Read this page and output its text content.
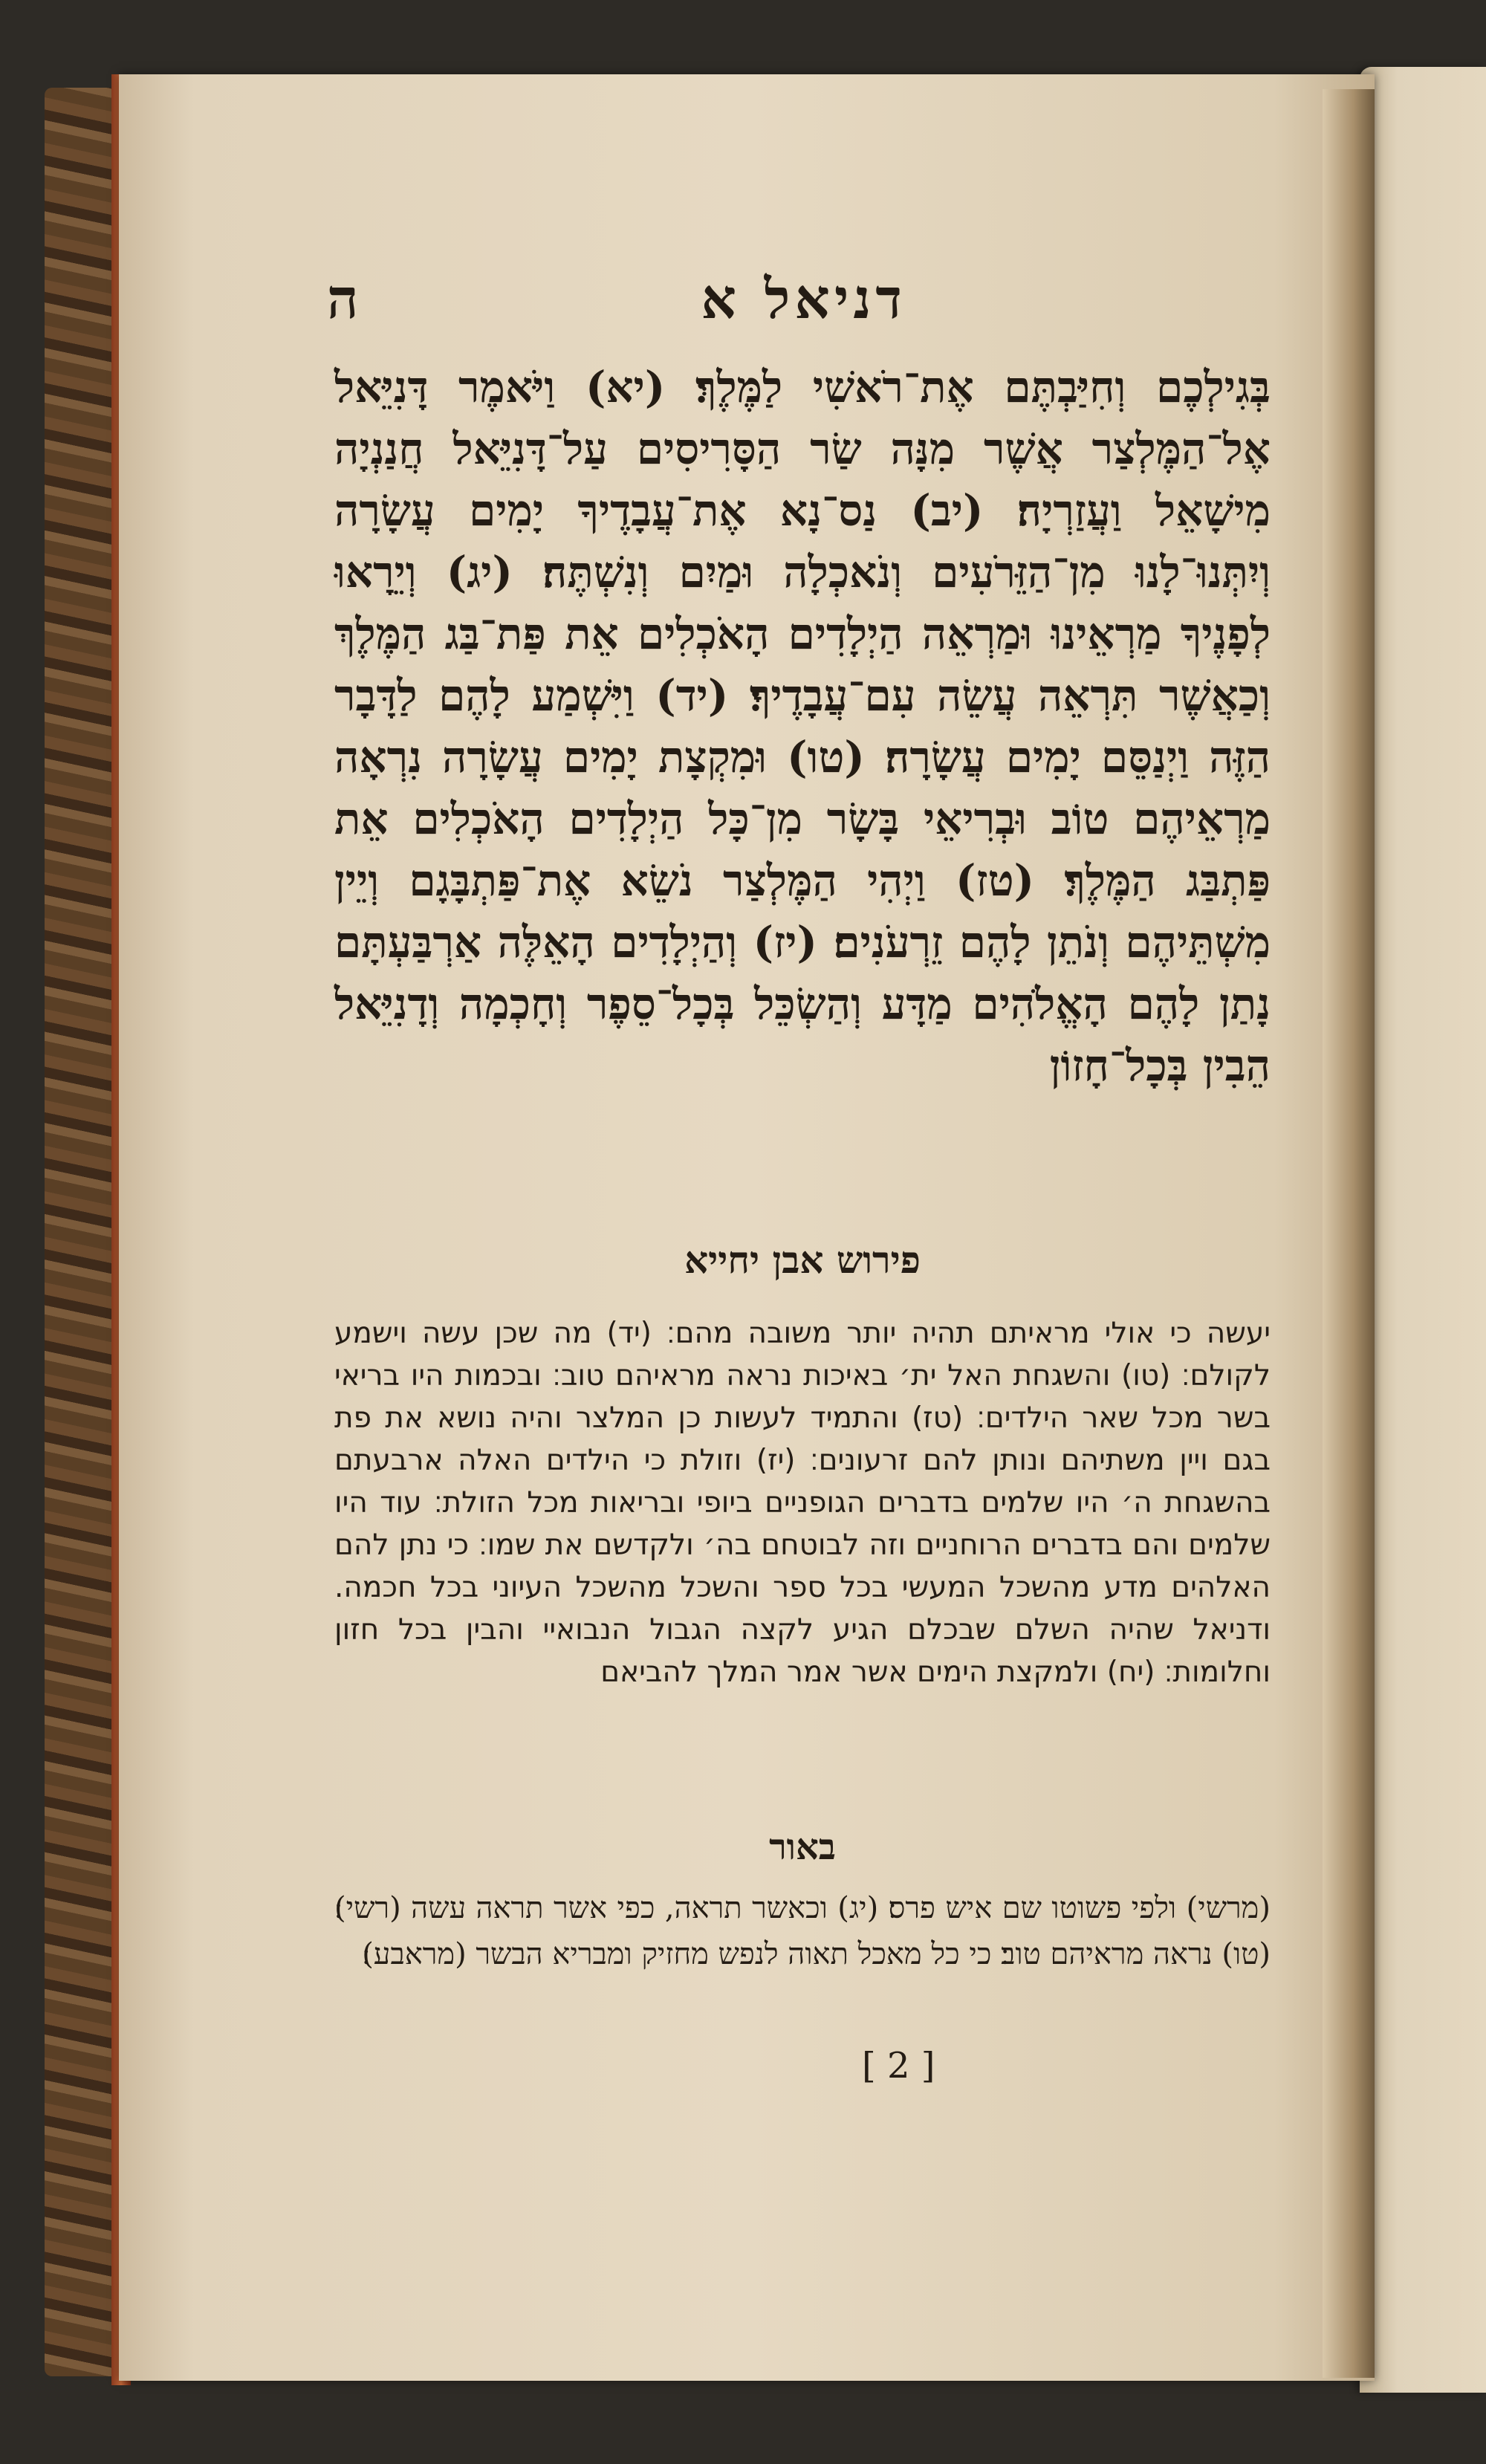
דניאל א
ה
בְּגִילְכֶם וְחִיַּבְתֶּם אֶת־רֹאשִׁי לַמֶּלֶךְ׃ (יא) וַיֹּאמֶר דָּנִיֵּאל אֶל־הַמֶּלְצַר אֲשֶׁר מִנָּה שַׂר הַסָּרִיסִים עַל־דָּנִיֵּאל חֲנַנְיָה מִישָׁאֵל וַעֲזַרְיָה׃ (יב) נַס־נָא אֶת־עֲבָדֶיךָ יָמִים עֲשָׂרָה וְיִתְּנוּ־לָנוּ מִן־הַזֵּרֹעִים וְנֹאכְלָה וּמַיִם וְנִשְׁתֶּה׃ (יג) וְיֵרָאוּ לְפָנֶיךָ מַרְאֵינוּ וּמַרְאֵה הַיְלָדִים הָאֹכְלִים אֵת פַּת־בַּג הַמֶּלֶךְ וְכַאֲשֶׁר תִּרְאֵה עֲשֵׂה עִם־עֲבָדֶיךָ׃ (יד) וַיִּשְׁמַע לָהֶם לַדָּבָר הַזֶּה וַיְנַסֵּם יָמִים עֲשָׂרָה׃ (טו) וּמִקְצָת יָמִים עֲשָׂרָה נִרְאָה מַרְאֵיהֶם טוֹב וּבְרִיאֵי בָּשָׂר מִן־כָּל הַיְלָדִים הָאֹכְלִים אֵת פַּתְבַּג הַמֶּלֶךְ׃ (טז) וַיְהִי הַמֶּלְצַר נֹשֵׂא אֶת־פַּתְבָּגָם וְיֵין מִשְׁתֵּיהֶם וְנֹתֵן לָהֶם זֵרְעֹנִים׃ (יז) וְהַיְלָדִים הָאֵלֶּה אַרְבַּעְתָּם נָתַן לָהֶם הָאֱלֹהִים מַדָּע וְהַשְׂכֵּל בְּכָל־סֵפֶר וְחָכְמָה וְדָנִיֵּאל הֵבִין בְּכָל־חָזוֹן
פירוש אבן יחייא
יעשה כי אולי מראיתם תהיה יותר משובה מהם׃ (יד) מה שכן עשה וישמע לקולם׃ (טו) והשגחת האל ית׳ באיכות נראה מראיהם טוב׃ ובכמות היו בריאי בשר מכל שאר הילדים׃ (טז) והתמיד לעשות כן המלצר והיה נושא את פת בגם ויין משתיהם ונותן להם זרעונים׃ (יז) וזולת כי הילדים האלה ארבעתם בהשגחת ה׳ היו שלמים בדברים הגופניים ביופי ובריאות מכל הזולת׃ עוד היו שלמים והם בדברים הרוחניים וזה לבוטחם בה׳ ולקדשם את שמו׃ כי נתן להם האלהים מדע מהשכל המעשי בכל ספר והשכל מהשכל העיוני בכל חכמה. ודניאל שהיה השלם שבכלם הגיע לקצה הגבול הנבואיי והבין בכל חזון וחלומות׃ (יח) ולמקצת הימים אשר אמר המלך להביאם
באור
(מרשי) ולפי פשוטו שם איש פרס׃ (יג) וכאשר תראה, כפי אשר תראה עשה (רשי)׃ (טו) נראה מראיהם טוב׃ כי כל מאכל תאוה לנפש מחזיק ומבריא הבשר (מראבע)׃
[ 2 ]
